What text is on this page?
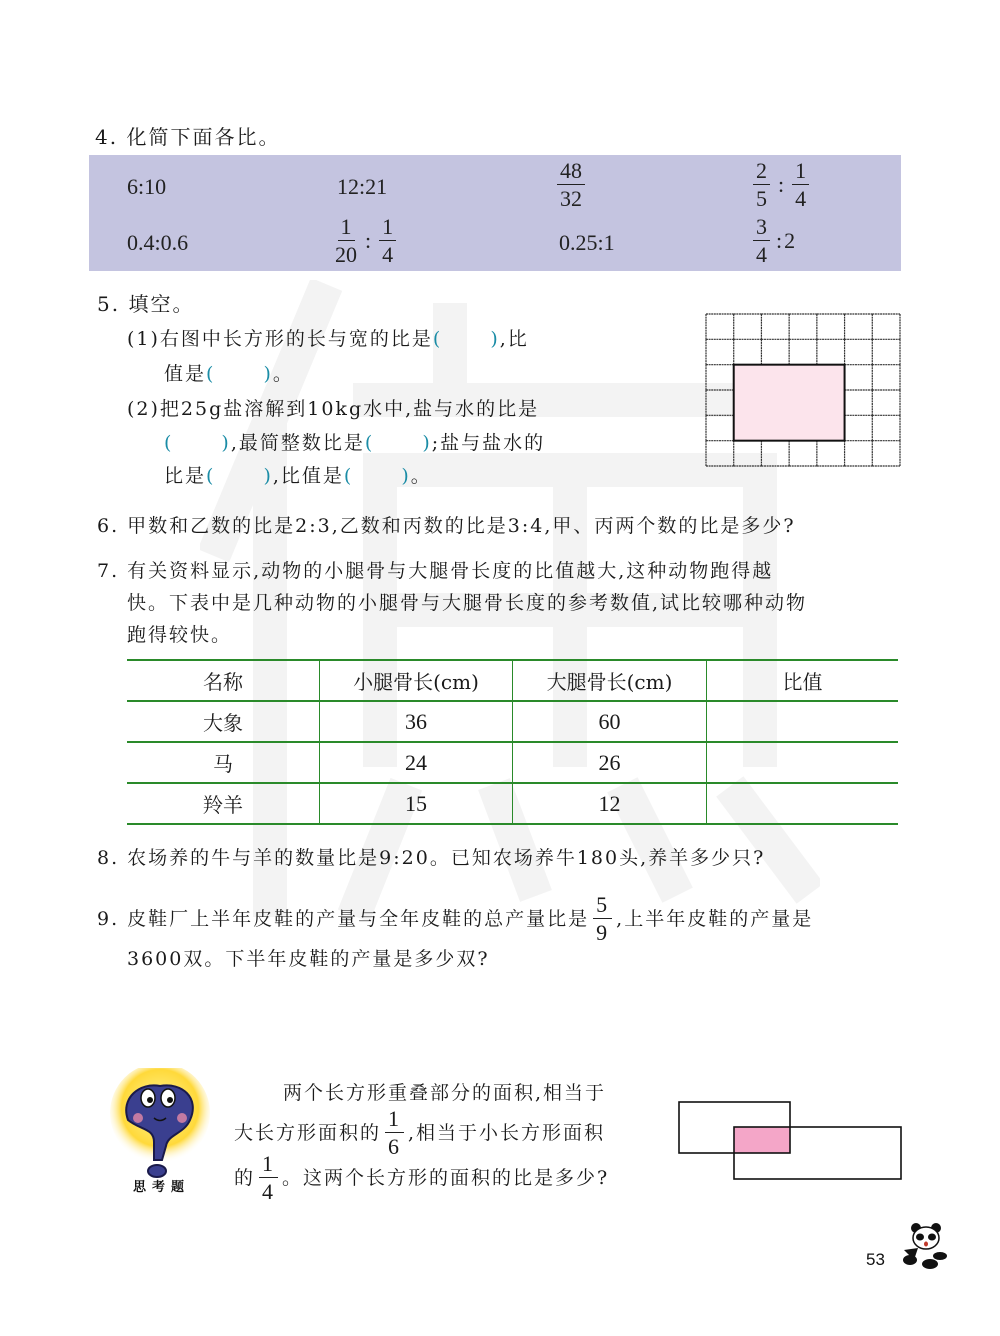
4. 化简下面各比。
6:10	12:21	$\frac{48}{32}$	$\frac{2}{5}$ : $\frac{1}{4}$
0.4:0.6	$\frac{1}{20}$ : $\frac{1}{4}$	0.25:1	$\frac{3}{4}$ :2
5. 填空。
(1)右图中长方形的长与宽的比是(	),比
值是(	)。
(2)把25g盐溶解到10kg水中,盐与水的比是
(	),最简整数比是(	);盐与盐水的
比是(	),比值是(	)。
6. 甲数和乙数的比是2:3,乙数和丙数的比是3:4,甲、丙两个数的比是多少?
7. 有关资料显示,动物的小腿骨与大腿骨长度的比值越大,这种动物跑得越
快。下表中是几种动物的小腿骨与大腿骨长度的参考数值,试比较哪种动物
跑得较快。
名称	小腿骨长(cm)	大腿骨长(cm)	比值
大象	36	60	
马	24	26	
羚羊	15	12	
8. 农场养的牛与羊的数量比是9:20。已知农场养牛180头,养羊多少只?
9. 皮鞋厂上半年皮鞋的产量与全年皮鞋的总产量比是 $\frac{5}{9}$ ,上半年皮鞋的产量是
3600双。下半年皮鞋的产量是多少双?
思考题
两个长方形重叠部分的面积,相当于
大长方形面积的 $\frac{1}{6}$ ,相当于小长方形面积
的 $\frac{1}{4}$ 。这两个长方形的面积的比是多少?
53
